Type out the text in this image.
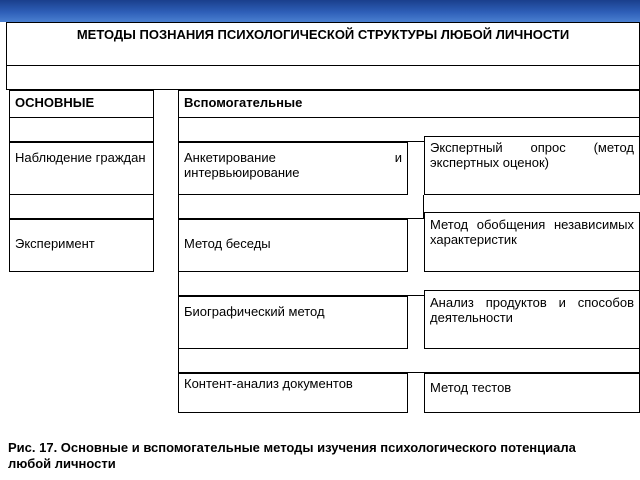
МЕТОДЫ ПОЗНАНИЯ ПСИХОЛОГИЧЕСКОЙ СТРУКТУРЫ ЛЮБОЙ ЛИЧНОСТИ
ОСНОВНЫЕ
Наблюдение граждан
Эксперимент
Вспомогательные
Анкетирование и интервьюирование
Экспертный опрос (метод экспертных оценок)
Метод беседы
Метод обобщения независимых характеристик
Биографический метод
Анализ продуктов и способов деятельности
Контент-анализ документов	Метод тестов
Рис. 17. Основные и вспомогательные методы изучения психологического потенциала любой личности
